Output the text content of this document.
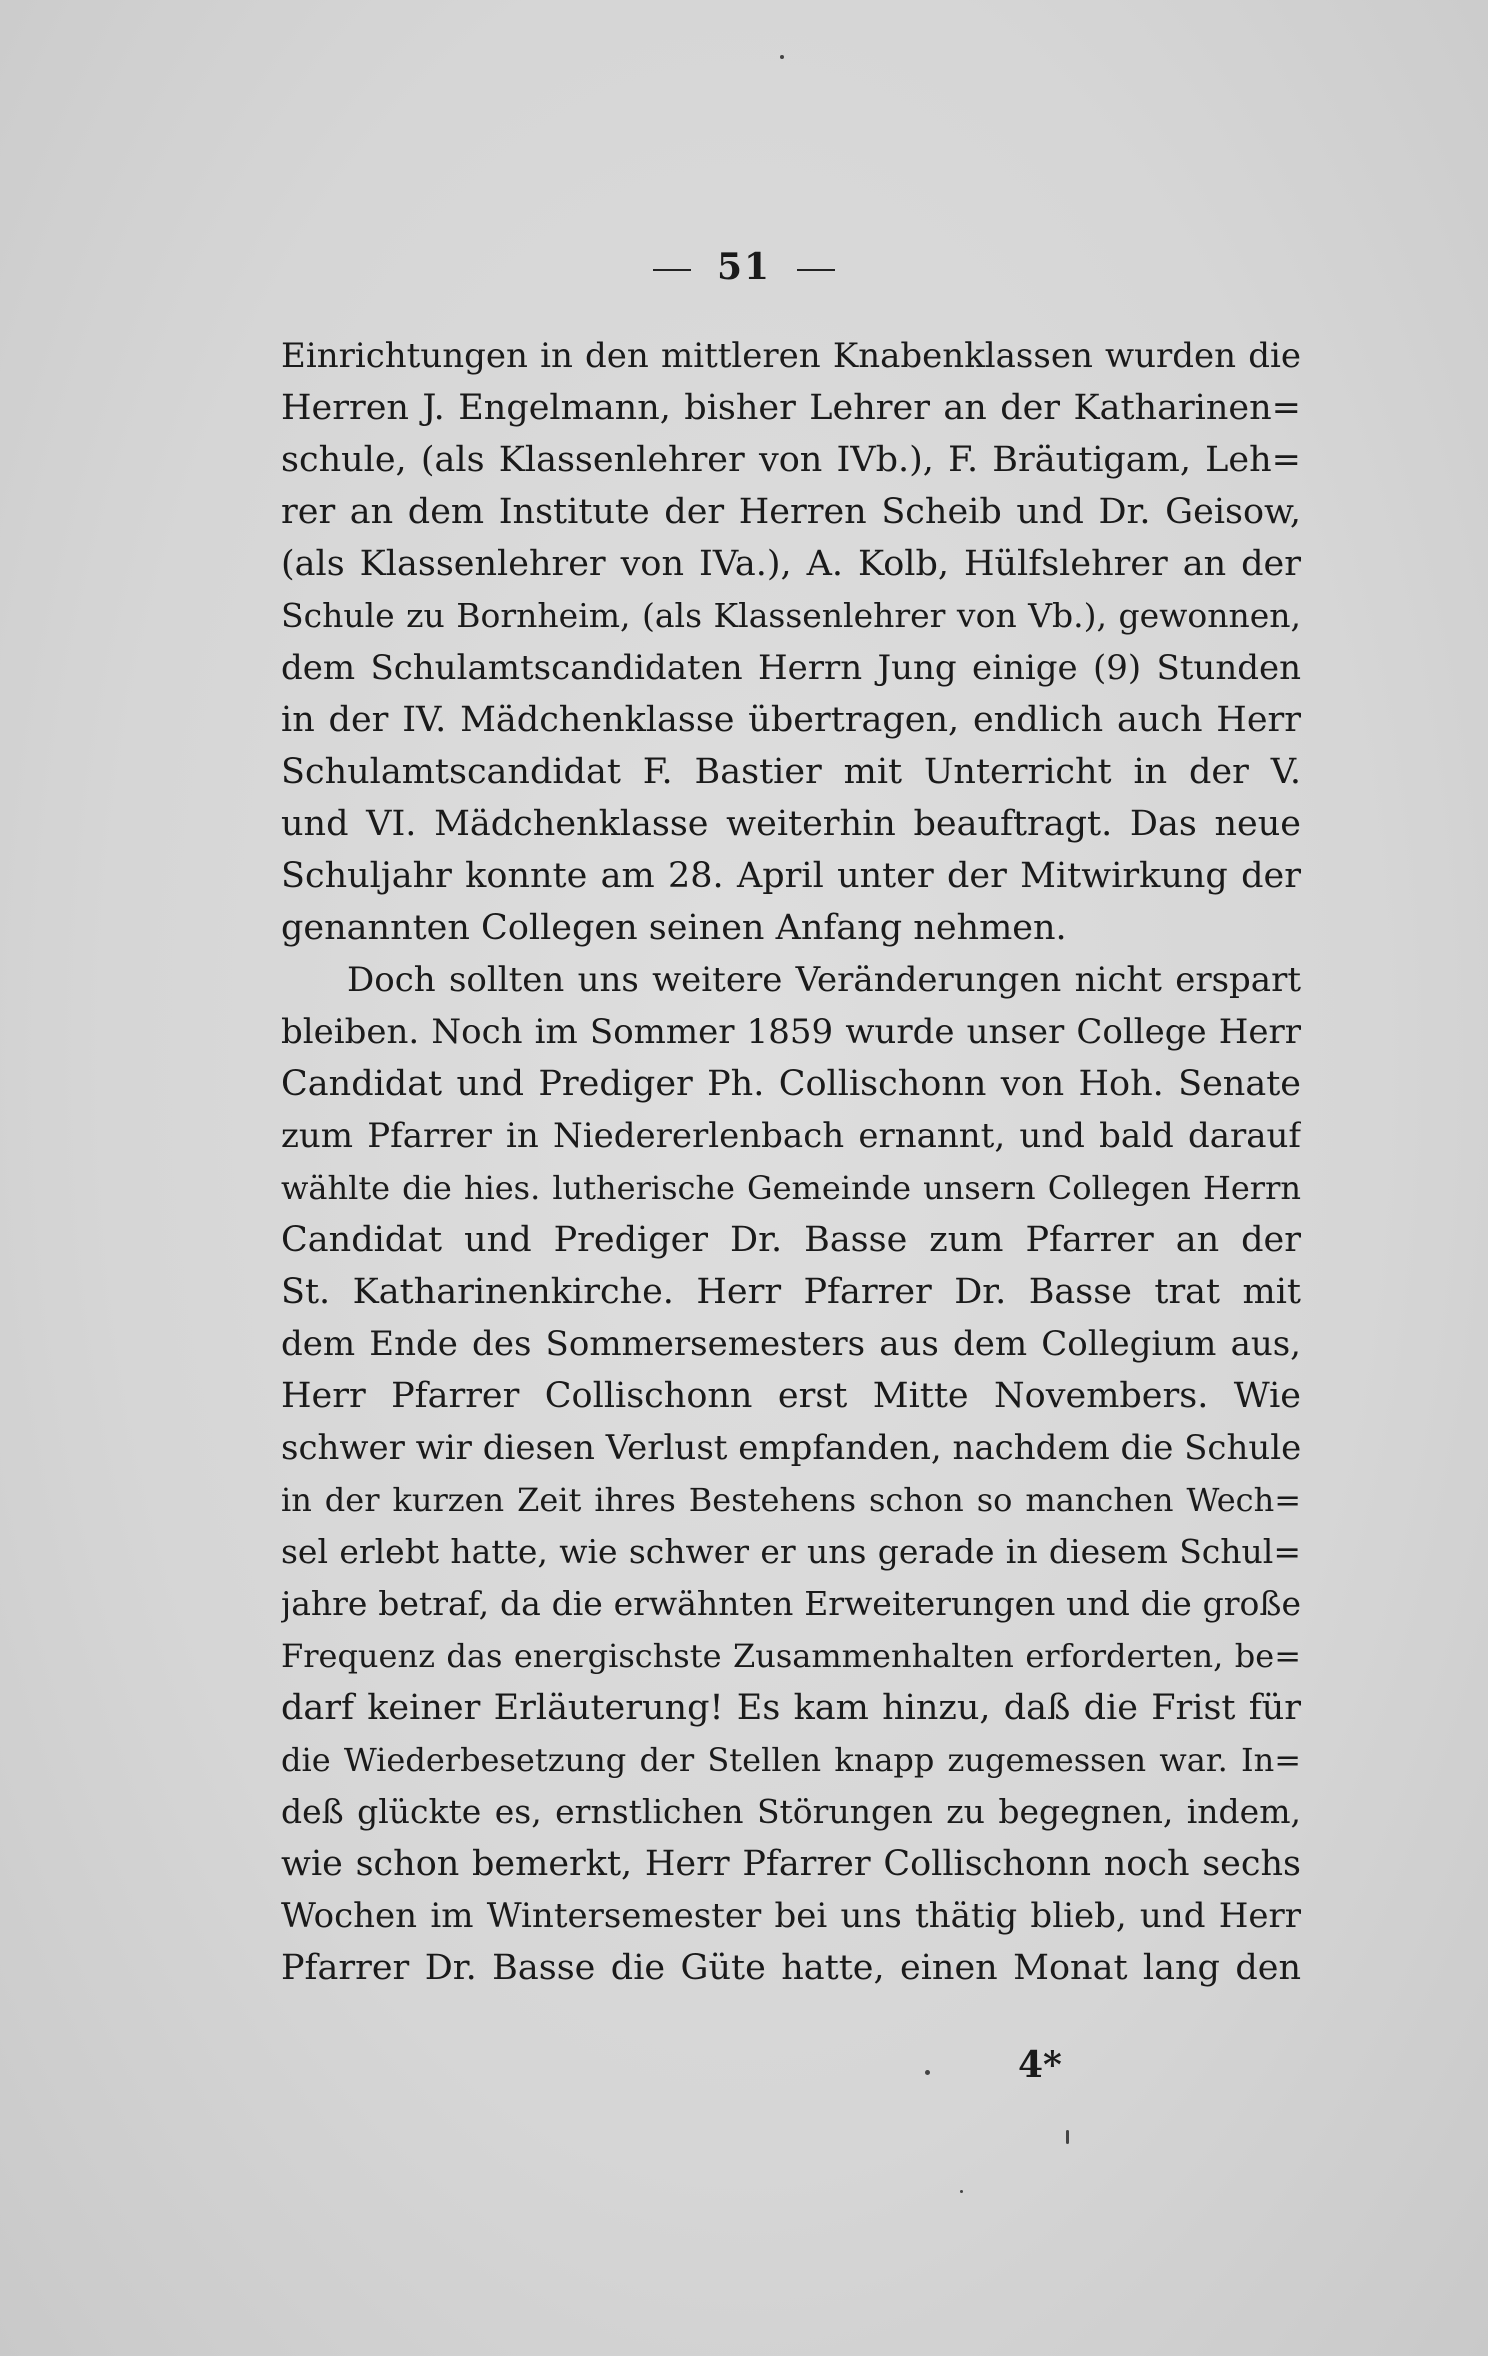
51
Einrichtungen in den mittleren Knabenklassen wurden die
Herren J. Engelmann, bisher Lehrer an der Katharinen=
schule, (als Klassenlehrer von IVb.), F. Bräutigam, Leh=
rer an dem Institute der Herren Scheib und Dr. Geisow,
(als Klassenlehrer von IVa.), A. Kolb, Hülfslehrer an der
Schule zu Bornheim, (als Klassenlehrer von Vb.), gewonnen,
dem Schulamtscandidaten Herrn Jung einige (9) Stunden
in der IV. Mädchenklasse übertragen, endlich auch Herr
Schulamtscandidat F. Bastier mit Unterricht in der V.
und VI. Mädchenklasse weiterhin beauftragt. Das neue
Schuljahr konnte am 28. April unter der Mitwirkung der
genannten Collegen seinen Anfang nehmen.
Doch sollten uns weitere Veränderungen nicht erspart
bleiben. Noch im Sommer 1859 wurde unser College Herr
Candidat und Prediger Ph. Collischonn von Hoh. Senate
zum Pfarrer in Niedererlenbach ernannt, und bald darauf
wählte die hies. lutherische Gemeinde unsern Collegen Herrn
Candidat und Prediger Dr. Basse zum Pfarrer an der
St. Katharinenkirche. Herr Pfarrer Dr. Basse trat mit
dem Ende des Sommersemesters aus dem Collegium aus,
Herr Pfarrer Collischonn erst Mitte Novembers. Wie
schwer wir diesen Verlust empfanden, nachdem die Schule
in der kurzen Zeit ihres Bestehens schon so manchen Wech=
sel erlebt hatte, wie schwer er uns gerade in diesem Schul=
jahre betraf, da die erwähnten Erweiterungen und die große
Frequenz das energischste Zusammenhalten erforderten, be=
darf keiner Erläuterung! Es kam hinzu, daß die Frist für
die Wiederbesetzung der Stellen knapp zugemessen war. In=
deß glückte es, ernstlichen Störungen zu begegnen, indem,
wie schon bemerkt, Herr Pfarrer Collischonn noch sechs
Wochen im Wintersemester bei uns thätig blieb, und Herr
Pfarrer Dr. Basse die Güte hatte, einen Monat lang den
4*
